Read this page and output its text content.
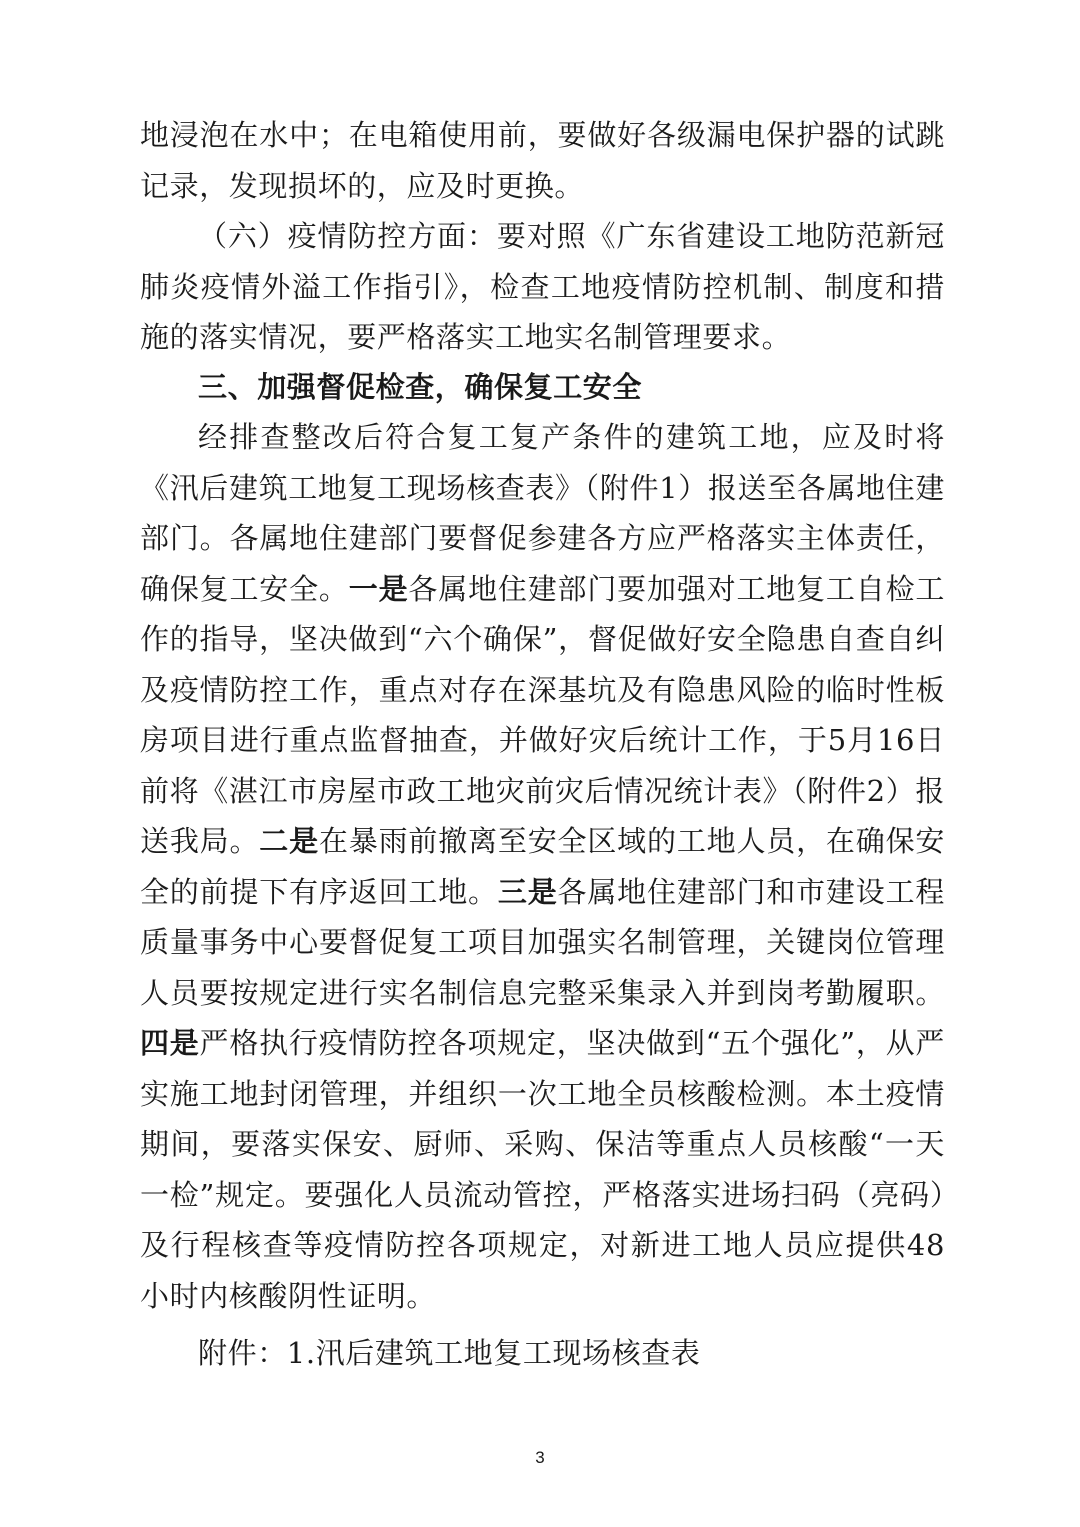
地浸泡在水中；在电箱使用前，要做好各级漏电保护器的试跳记录，发现损坏的，应及时更换。

（六）疫情防控方面：要对照《广东省建设工地防范新冠肺炎疫情外溢工作指引》，检查工地疫情防控机制、制度和措施的落实情况，要严格落实工地实名制管理要求。

三、加强督促检查，确保复工安全

经排查整改后符合复工复产条件的建筑工地，应及时将《汛后建筑工地复工现场核查表》（附件1）报送至各属地住建部门。各属地住建部门要督促参建各方应严格落实主体责任，确保复工安全。一是各属地住建部门要加强对工地复工自检工作的指导，坚决做到“六个确保”，督促做好安全隐患自查自纠及疫情防控工作，重点对存在深基坑及有隐患风险的临时性板房项目进行重点监督抽查，并做好灾后统计工作，于5月16日前将《湛江市房屋市政工地灾前灾后情况统计表》（附件2）报送我局。二是在暴雨前撤离至安全区域的工地人员，在确保安全的前提下有序返回工地。三是各属地住建部门和市建设工程质量事务中心要督促复工项目加强实名制管理，关键岗位管理人员要按规定进行实名制信息完整采集录入并到岗考勤履职。四是严格执行疫情防控各项规定，坚决做到“五个强化”，从严实施工地封闭管理，并组织一次工地全员核酸检测。本土疫情期间，要落实保安、厨师、采购、保洁等重点人员核酸“一天一检”规定。要强化人员流动管控，严格落实进场扫码（亮码）及行程核查等疫情防控各项规定，对新进工地人员应提供48小时内核酸阴性证明。

附件：1.汛后建筑工地复工现场核查表
3
